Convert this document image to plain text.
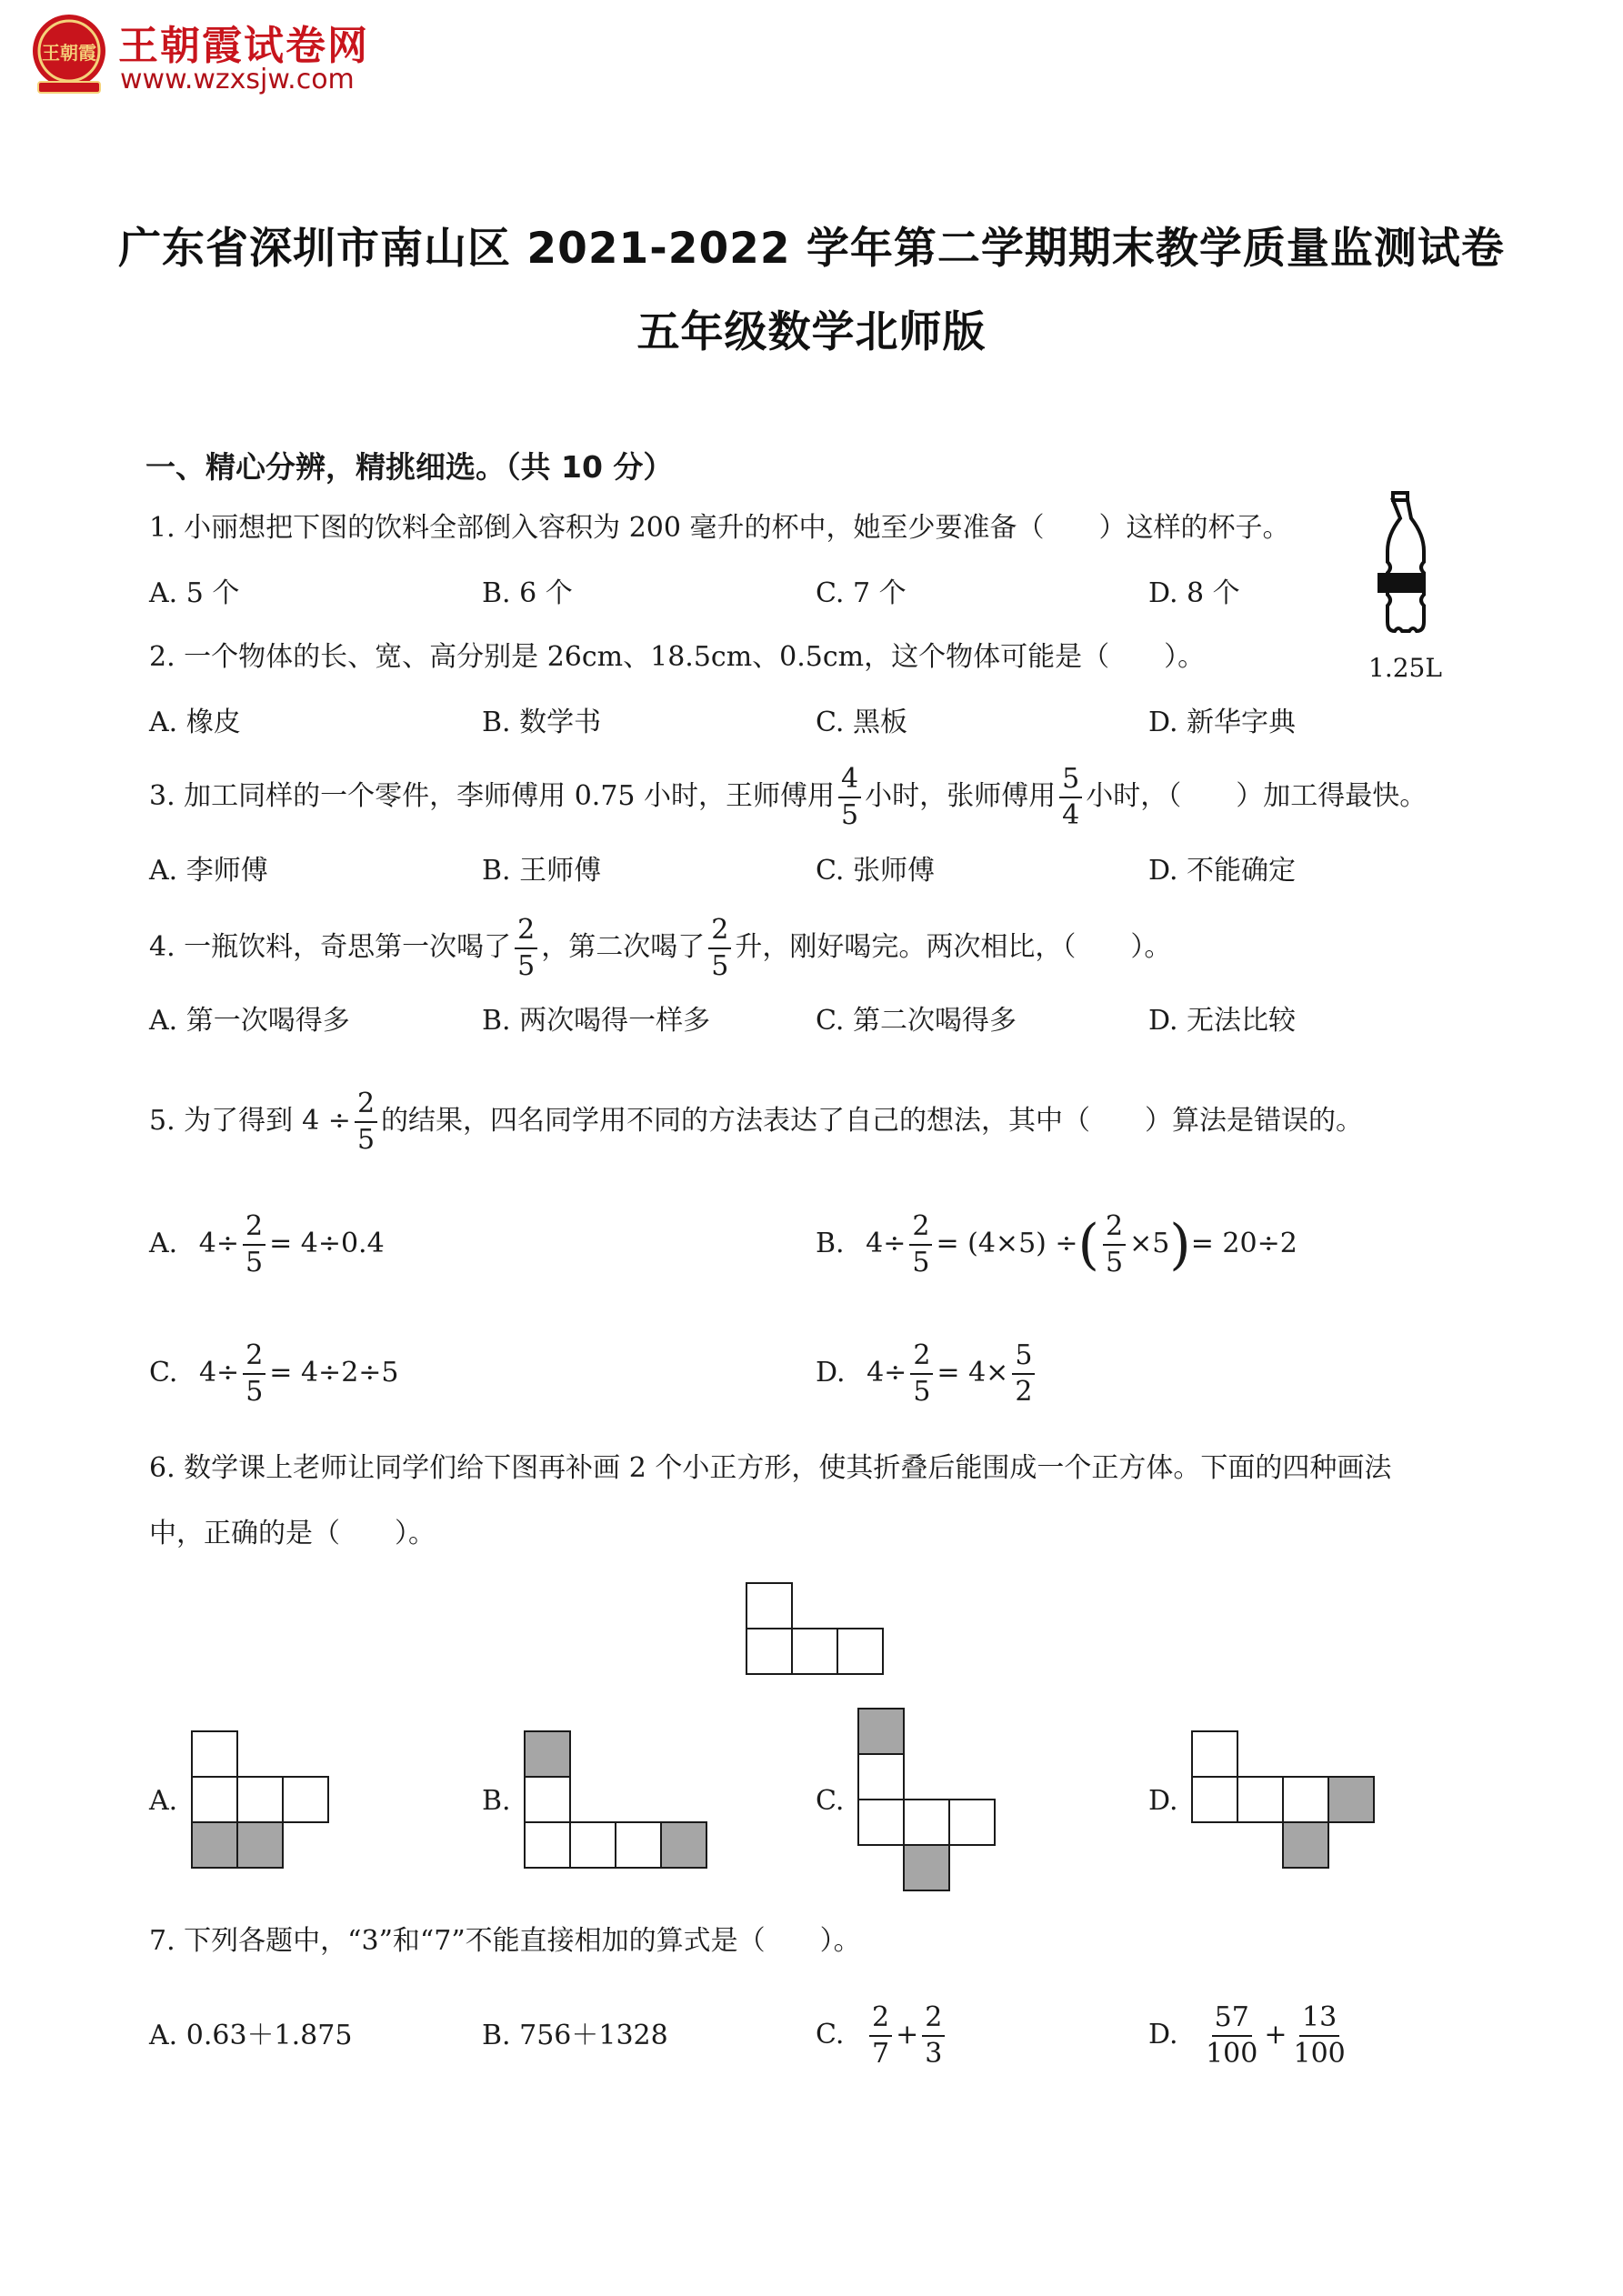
王朝霞 王朝霞试卷网
www.wzxsjw.com
广东省深圳市南山区 2021-2022 学年第二学期期末教学质量监测试卷
五年级数学北师版
一、精心分辨，精挑细选。（共 10 分）
1. 小丽想把下图的饮料全部倒入容积为 200 毫升的杯中，她至少要准备（　　）这样的杯子。
A. 5 个	B. 6 个	C. 7 个	D. 8 个
1.25L
2. 一个物体的长、宽、高分别是 26cm、18.5cm、0.5cm，这个物体可能是（　　）。
A. 橡皮	B. 数学书	C. 黑板	D. 新华字典
3. 加工同样的一个零件，李师傅用 0.75 小时，王师傅用 $\frac{4}{5}$ 小时，张师傅用 $\frac{5}{4}$ 小时，（　　）加工得最快。
A. 李师傅	B. 王师傅	C. 张师傅	D. 不能确定
4. 一瓶饮料，奇思第一次喝了 $\frac{2}{5}$ ，第二次喝了 $\frac{2}{5}$ 升，刚好喝完。两次相比，（　　）。
A. 第一次喝得多	B. 两次喝得一样多	C. 第二次喝得多	D. 无法比较
5. 为了得到 $4 \div \frac{2}{5}$ 的结果，四名同学用不同的方法表达了自己的想法，其中（　　）算法是错误的。
A. $4\div \frac{2}{5} = 4\div 0.4$	B. $4\div \frac{2}{5} = (4\times 5)$ ÷( $\frac{2}{5} \times 5)= 20\div 2$
C. $4\div \frac{2}{5} = 4\div 2\div 5$	D. $4\div \frac{2}{5} = 4\times \frac{5}{2}$
6. 数学课上老师让同学们给下图再补画 2 个小正方形，使其折叠后能围成一个正方体。下面的四种画法
中，正确的是（　　）。
A.	B.	C.	D.
7. 下列各题中，“3”和“7”不能直接相加的算式是（　　）。
A. 0.63＋1.875	B. 756＋1328	C. $\frac{2}{7} + \frac{2}{3}$	D. $\frac{57}{100} + \frac{13}{100}$
